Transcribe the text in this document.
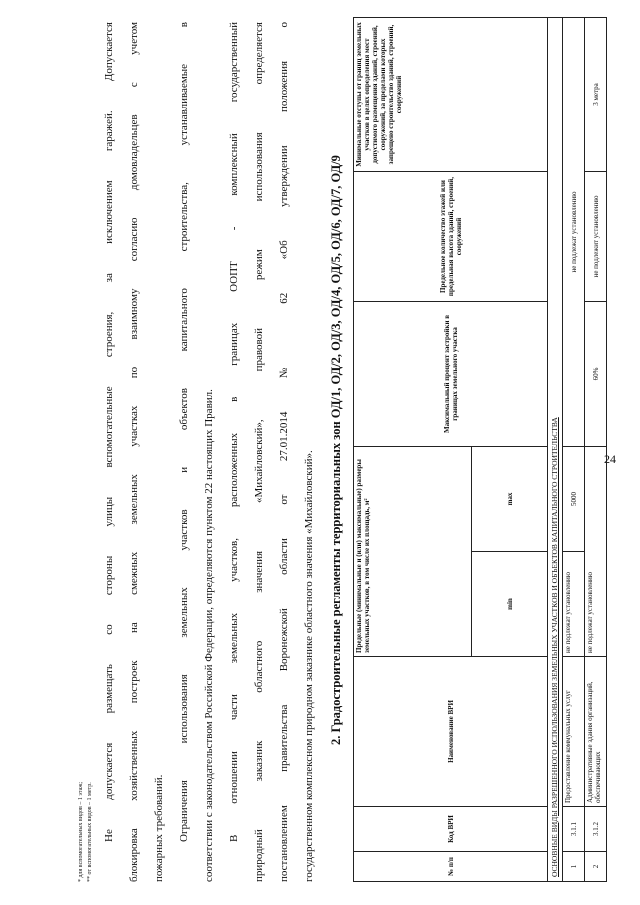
24
* для вспомогательных видов – 1 этаж; ** от вспомогательных видов – 1 метр. Не допускается размещать со стороны улицы вспомогательные строения, за исключением гаражей. Допускается блокировка хозяйственных построек на смежных земельных участках по взаимному согласию домовладельцев с учетом пожарных требований. Ограничения использования земельных участков и объектов капитального строительства, устанавливаемые в соответствии с законодательством Российской Федерации, определяются пунктом 22 настоящих Правил. В отношении части земельных участков, расположенных в границах ООПТ - комплексный государственный природный заказник областного значения «Михайловский», правовой режим использования определяется постановлением правительства Воронежской области от 27.01.2014 № 62 «Об утверждении положения о государственном комплексном природном заказнике областного значения «Михайловский». 2. Градостроительные регламенты территориальных зон ОД/1, ОД/2, ОД/3, ОД/4, ОД/5, ОД/6, ОД/7, ОД/9
№ п/п	Код ВРИ	Наименование ВРИ	Предельные (минимальные и (или) максимальные) размеры земельных участков, в том числе их площадь, м²		Максимальный процент застройки в границах земельного участка	Предельное количество этажей или предельная высота зданий, строений, сооружений	Минимальные отступы от границ земельных участков в целях определения мест допустимого размещения зданий, строений, сооружений, за пределами которых запрещено строительство зданий, строений, сооружений
			min	max			
ОСНОВНЫЕ ВИДЫ РАЗРЕШЕННОГО ИСПОЛЬЗОВАНИЯ ЗЕМЕЛЬНЫХ УЧАСТКОВ И ОБЪЕКТОВ КАПИТАЛЬНОГО СТРОИТЕЛЬСТВА							
1	3.1.1	Предоставление коммунальных услуг	не подлежат установлению	5000	не подлежат установлению		
2	3.1.2	Административные здания организаций, обеспечивающих	не подлежат установлению		60%	не подлежит установлению	3 метра
